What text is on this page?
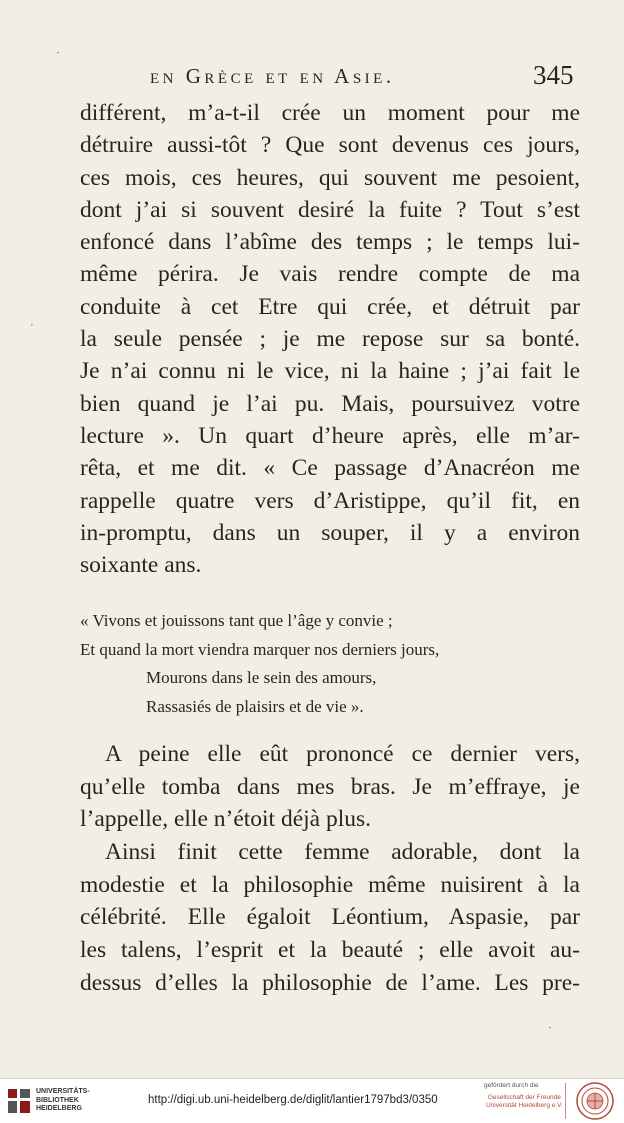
en Grèce et en Asie.	345
différent, m’a-t-il crée un moment pour me
détruire aussi-tôt ? Que sont devenus ces jours,
ces mois, ces heures, qui souvent me pesoient,
dont j’ai si souvent desiré la fuite ? Tout s’est
enfoncé dans l’abîme des temps ; le temps lui-
même périra. Je vais rendre compte de ma
conduite à cet Etre qui crée, et détruit par
la seule pensée ; je me repose sur sa bonté.
Je n’ai connu ni le vice, ni la haine ; j’ai fait le
bien quand je l’ai pu. Mais, poursuivez votre
lecture ». Un quart d’heure après, elle m’ar-
rêta, et me dit. « Ce passage d’Anacréon me
rappelle quatre vers d’Aristippe, qu’il fit, en
in-promptu, dans un souper, il y a environ
soixante ans.
« Vivons et jouissons tant que l’âge y convie ;
Et quand la mort viendra marquer nos derniers jours,
Mourons dans le sein des amours,
Rassasiés de plaisirs et de vie ».
A peine elle eût prononcé ce dernier vers,
qu’elle tomba dans mes bras. Je m’effraye, je
l’appelle, elle n’étoit déjà plus.
Ainsi finit cette femme adorable, dont la
modestie et la philosophie même nuisirent à la
célébrité. Elle égaloit Léontium, Aspasie, par
les talens, l’esprit et la beauté ; elle avoit au-
dessus d’elles la philosophie de l’ame. Les pre-
·
·
ˏ
UNIVERSITÄTS-
BIBLIOTHEK
HEIDELBERG
http://digi.ub.uni-heidelberg.de/diglit/lantier1797bd3/0350
gefördert durch die
Gesellschaft der Freunde
Universität Heidelberg e.V.
